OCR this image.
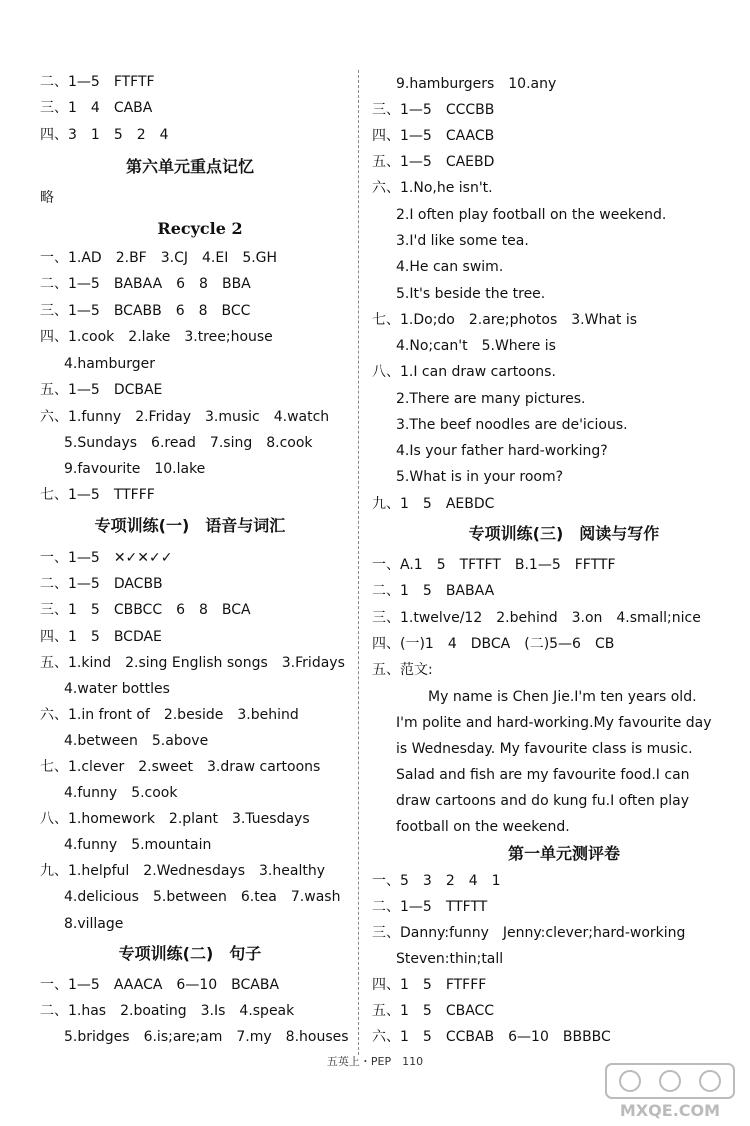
二、1—5　FTFTF
三、1　4　CABA
四、3　1　5　2　4
第六单元重点记忆
略
Recycle 2
一、1.AD　2.BF　3.CJ　4.EI　5.GH
二、1—5　BABAA　6　8　BBA
三、1—5　BCABB　6　8　BCC
四、1.cook　2.lake　3.tree;house
4.hamburger
五、1—5　DCBAE
六、1.funny　2.Friday　3.music　4.watch
5.Sundays　6.read　7.sing　8.cook
9.favourite　10.lake
七、1—5　TTFFF
专项训练(一)　语音与词汇
一、1—5　✕✓✕✓✓
二、1—5　DACBB
三、1　5　CBBCC　6　8　BCA
四、1　5　BCDAE
五、1.kind　2.sing English songs　3.Fridays
4.water bottles
六、1.in front of　2.beside　3.behind
4.between　5.above
七、1.clever　2.sweet　3.draw cartoons
4.funny　5.cook
八、1.homework　2.plant　3.Tuesdays
4.funny　5.mountain
九、1.helpful　2.Wednesdays　3.healthy
4.delicious　5.between　6.tea　7.wash
8.village
专项训练(二)　句子
一、1—5　AAACA　6—10　BCABA
二、1.has　2.boating　3.Is　4.speak
5.bridges　6.is;are;am　7.my　8.houses
9.hamburgers　10.any
三、1—5　CCCBB
四、1—5　CAACB
五、1—5　CAEBD
六、1.No,he isn't.
2.I often play football on the weekend.
3.I'd like some tea.
4.He can swim.
5.It's beside the tree.
七、1.Do;do　2.are;photos　3.What is
4.No;can't　5.Where is
八、1.I can draw cartoons.
2.There are many pictures.
3.The beef noodles are de'icious.
4.Is your father hard-working?
5.What is in your room?
九、1　5　AEBDC
专项训练(三)　阅读与写作
一、A.1　5　TFTFT　B.1—5　FFTTF
二、1　5　BABAA
三、1.twelve/12　2.behind　3.on　4.small;nice
四、(一)1　4　DBCA　(二)5—6　CB
五、范文:
My name is Chen Jie.I'm ten years old.
I'm polite and hard-working.My favourite day
is Wednesday. My favourite class is music.
Salad and fish are my favourite food.I can
draw cartoons and do kung fu.I often play
football on the weekend.
第一单元测评卷
一、5　3　2　4　1
二、1—5　TTFTT
三、Danny:funny　Jenny:clever;hard-working
Steven:thin;tall
四、1　5　FTFFF
五、1　5　CBACC
六、1　5　CCBAB　6—10　BBBBC
五英上・PEP　110
MXQE.COM
